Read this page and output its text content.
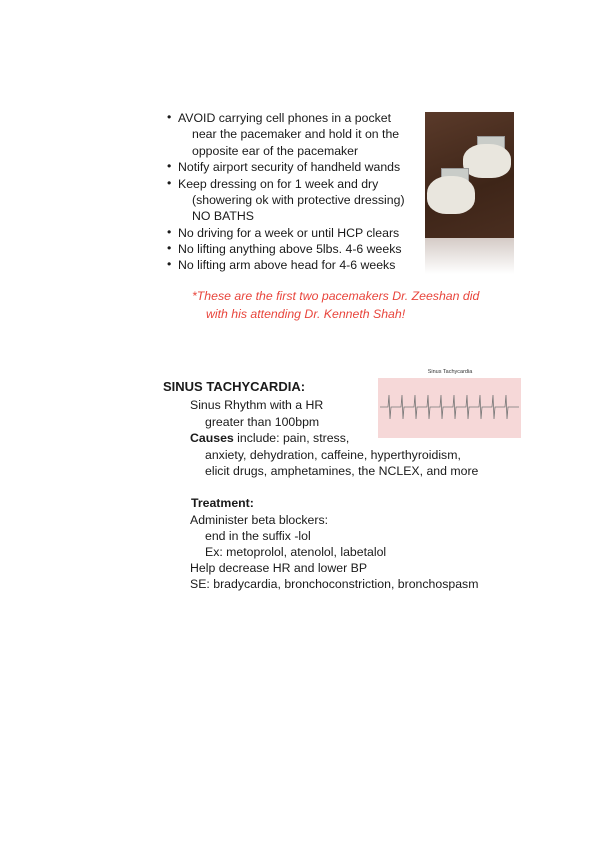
• AVOID carrying cell phones in a pocket
near the pacemaker and hold it on the
opposite ear of the pacemaker
• Notify airport security of handheld wands
• Keep dressing on for 1 week and dry
(showering ok with protective dressing)
NO BATHS
• No driving for a week or until HCP clears
• No lifting anything above 5lbs. 4-6 weeks
• No lifting arm above head for 4-6 weeks
*These are the first two pacemakers Dr. Zeeshan did
with his attending Dr. Kenneth Shah!
SINUS TACHYCARDIA:
Sinus Rhythm with a HR
greater than 100bpm
Causes include: pain, stress,
anxiety, dehydration, caffeine, hyperthyroidism,
elicit drugs, amphetamines, the NCLEX, and more
Treatment:
Administer beta blockers:
end in the suffix -lol
Ex: metoprolol, atenolol, labetalol
Help decrease HR and lower BP
SE: bradycardia, bronchoconstriction, bronchospasm
Sinus Tachycardia
